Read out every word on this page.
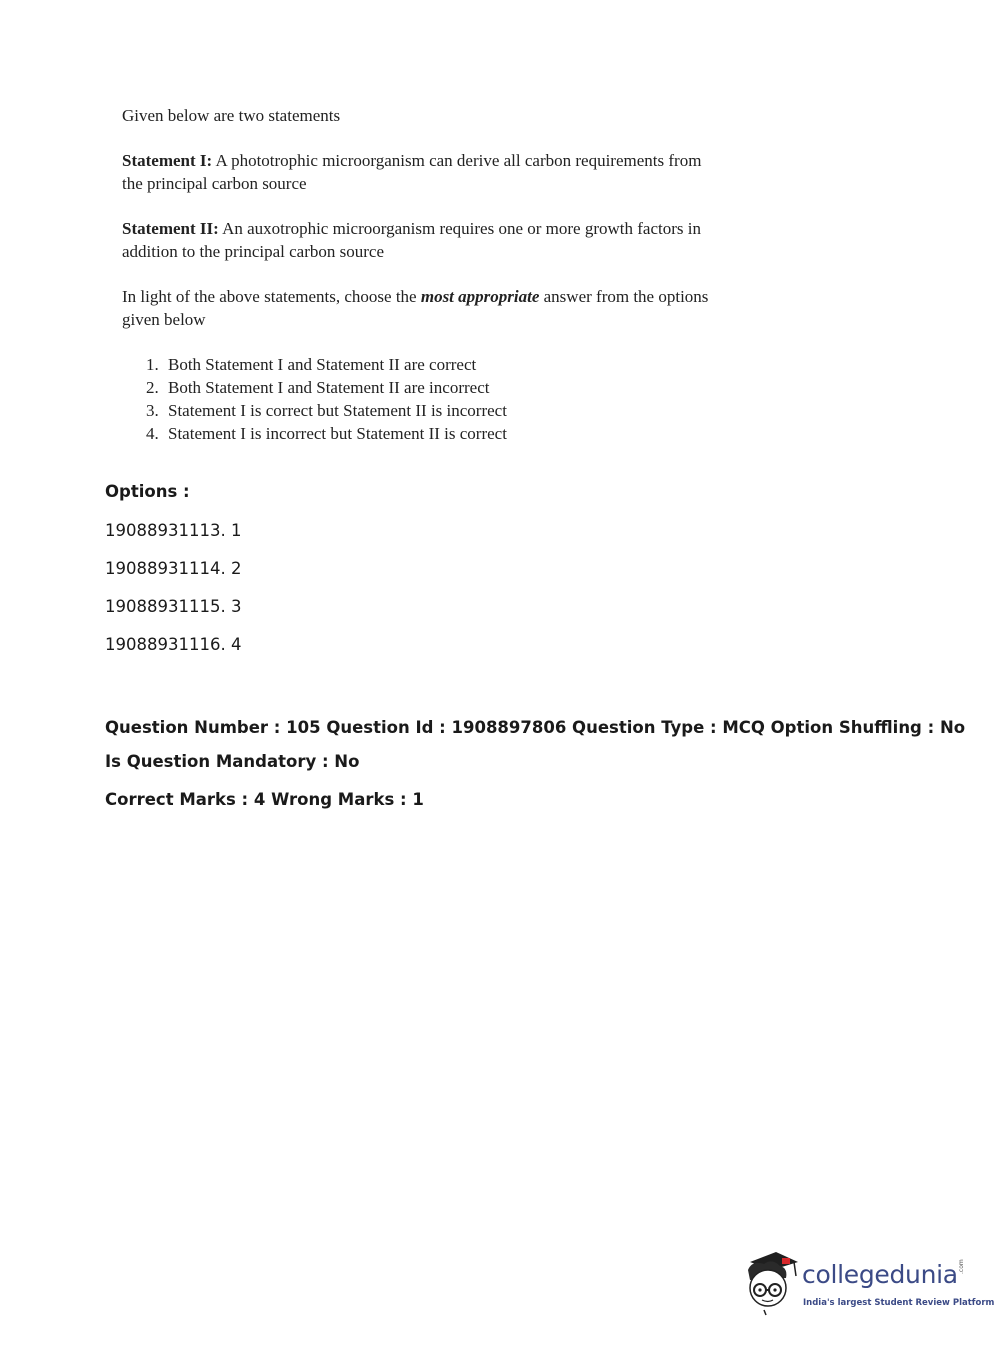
Given below are two statements

Statement I: A phototrophic microorganism can derive all carbon requirements from the principal carbon source

Statement II: An auxotrophic microorganism requires one or more growth factors in addition to the principal carbon source

In light of the above statements, choose the most appropriate answer from the options given below

1. Both Statement I and Statement II are correct
2. Both Statement I and Statement II are incorrect
3. Statement I is correct but Statement II is incorrect
4. Statement I is incorrect but Statement II is correct

Options :

19088931113. 1

19088931114. 2

19088931115. 3

19088931116. 4

Question Number : 105 Question Id : 1908897806 Question Type : MCQ Option Shuffling : No

Is Question Mandatory : No

Correct Marks : 4 Wrong Marks : 1

collegedunia .com
India's largest Student Review Platform
